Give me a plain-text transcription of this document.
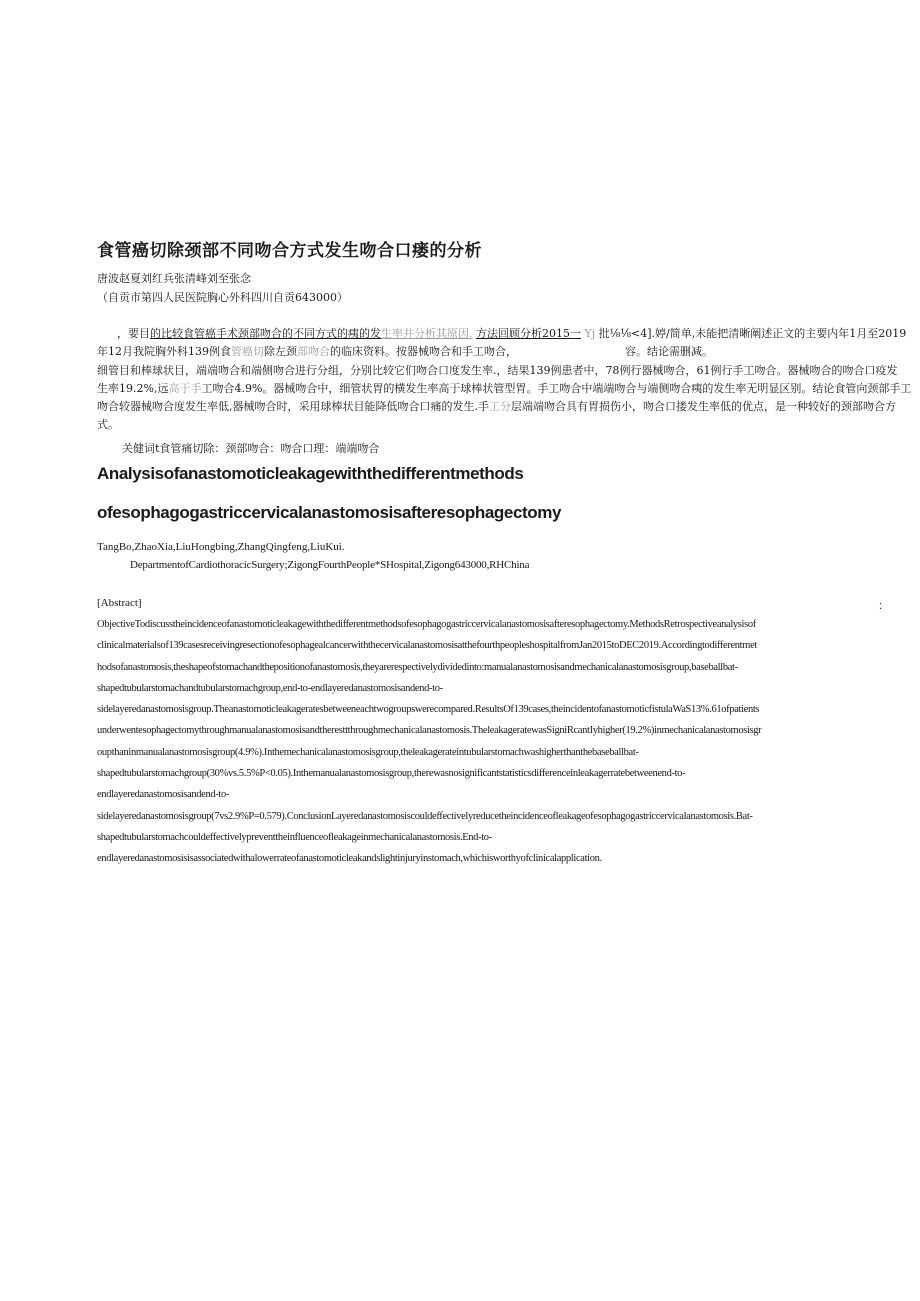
食管癌切除颈部不同吻合方式发生吻合口瘘的分析
唐波赵夏刘红兵张清峰刘至张念
（自贡市第四人民医院胸心外科四川自贡643000）

，要目的比较食管癌手术颈部吻合的不同方式的痍的发生率并分析其原因. 方法回顾分析2015一 Yj 批⅛⅛<4].婷/简单,未能把清晰阐述正文的主要内年1月至2019

年12月我院胸外科139例食管癌切除左颈部吻合的临床资料。按器械吻合和手工吻合，	容。结论需删减。

细管目和棒球状目，端端吻合和端侧吻合进行分组，分别比较它们吻合口度发生率.，结果139例患者中，78例行器械吻合，61例行手工吻合。器械吻合的吻合口疫发

生率19.2%,远高于手工吻合4.9%。器械吻合中，细管状胃的横发生率高于球棒状管型胃。手工吻合中端端吻合与端侧吻合痍的发生率无明显区别。结论食管向颈部手工

吻合较器械吻合度发生率低,器械吻合时，采用球棒状目能降低吻合口痛的发生.手工分层端端吻合具有胃损伤小，吻合口搂发生率低的优点，是一种较好的颈部吻合方

式。

关健词t食管痛切除：颈部吻合：吻合口理：端端吻合
Analysisofanastomoticleakagewiththedifferentmethods
ofesophagogastriccervicalanastomosisafteresophagectomy
TangBo,ZhaoXia,LiuHongbing,ZhangQingfeng,LiuKui.
DepartmentofCardiothoracicSurgery;ZigongFourthPeople*SHospital,Zigong643000,RHChina
[Abstract]	：
ObjectiveTodiscusstheincidenceofanastomoticleakagewiththedifferentmethodsofesophagogastriccervicalanastomosisafteresophagectomy.MethodsRetrospectiveanalysisof
clinicalmaterialsof139casesreceivingresectionofesophagealcancerwiththecervicalanastomosisatthefourthpeopleshospitalfromJan2015toDEC2019.Accordingtodifferentmet
hodsofanastomosis,theshapeofstomachandthepositionofanastomosis,theyarerespectivelydividedinto:manualanastomosisandmechanicalanastomosisgroup,baseballbat-
shapedtubularstomachandtubularstomachgroup,end-to-endlayeredanastomosisandend-to-
sidelayeredanastomosisgroup.Theanastomoticleakageratesbetweeneachtwogroupswerecompared.ResultsOf139cases,theincidentofanastomoticfistulaWaS13%.61ofpatients
underwentesophagectomythroughmanualanastomosisandtheresttthroughmechanicalanastomosis.TheleakageratewasSigniRcantIyhigher(19.2%)inmechanicalanastomosisgr
oupthaninmanualanastomosisgroup(4.9%).Inthemechanicalanastomosisgroup,theleakagerateintubularstomachwashigherthanthebaseballbat-
shapedtubularstomachgroup(30%vs.5.5%P<0.05).Inthemanualanastomosisgroup,therewasnosignificantstatisticsdifferenceinleakagerratebetweenend-to-
endlayeredanastomosisandend-to-
sidelayeredanastomosisgroup(7vs2.9%P=0.579).ConclusionLayeredanastomosiscouldeffectivelyreducetheincidenceofleakageofesophagogastriccervicalanastomosis.Bat-
shapedtubularstomachcouldeffectivelypreventtheinfluenceofleakageinmechanicalanastomosis.End-to-
endlayeredanastomosisisassociatedwithalowerrateofanastomoticleakandslightinjuryinstomach,whichisworthyofclinicalapplication.
